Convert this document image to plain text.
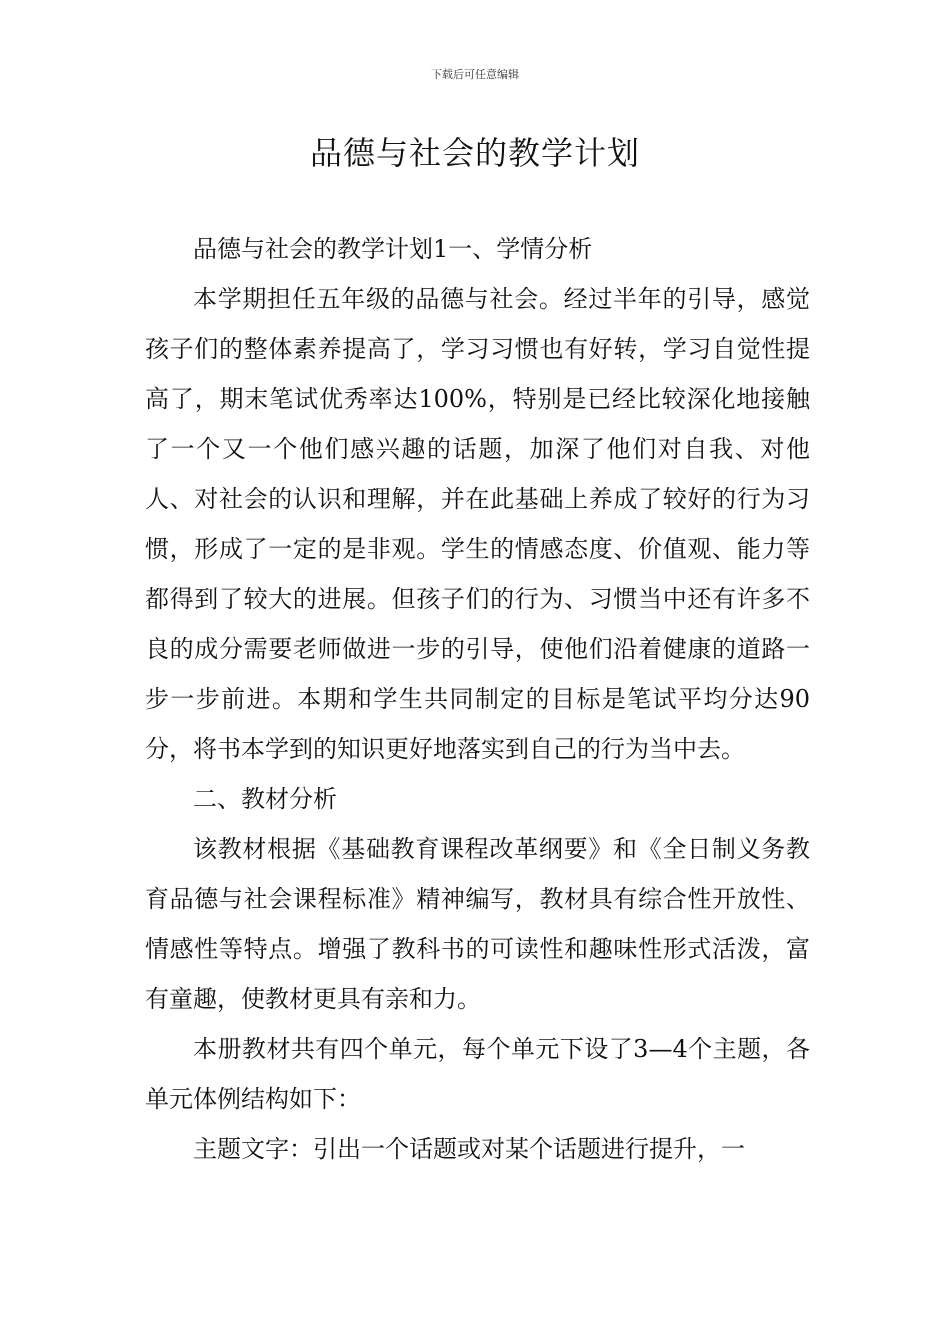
下载后可任意编辑
品德与社会的教学计划

品德与社会的教学计划1一、学情分析

本学期担任五年级的品德与社会。经过半年的引导，感觉孩子们的整体素养提高了，学习习惯也有好转，学习自觉性提高了，期末笔试优秀率达100%，特别是已经比较深化地接触了一个又一个他们感兴趣的话题，加深了他们对自我、对他人、对社会的认识和理解，并在此基础上养成了较好的行为习惯，形成了一定的是非观。学生的情感态度、价值观、能力等都得到了较大的进展。但孩子们的行为、习惯当中还有许多不良的成分需要老师做进一步的引导，使他们沿着健康的道路一步一步前进。本期和学生共同制定的目标是笔试平均分达90分，将书本学到的知识更好地落实到自己的行为当中去。

二、教材分析

该教材根据《基础教育课程改革纲要》和《全日制义务教育品德与社会课程标准》精神编写，教材具有综合性开放性、情感性等特点。增强了教科书的可读性和趣味性形式活泼，富有童趣，使教材更具有亲和力。

本册教材共有四个单元，每个单元下设了3—4个主题，各单元体例结构如下：

主题文字：引出一个话题或对某个话题进行提升，一
